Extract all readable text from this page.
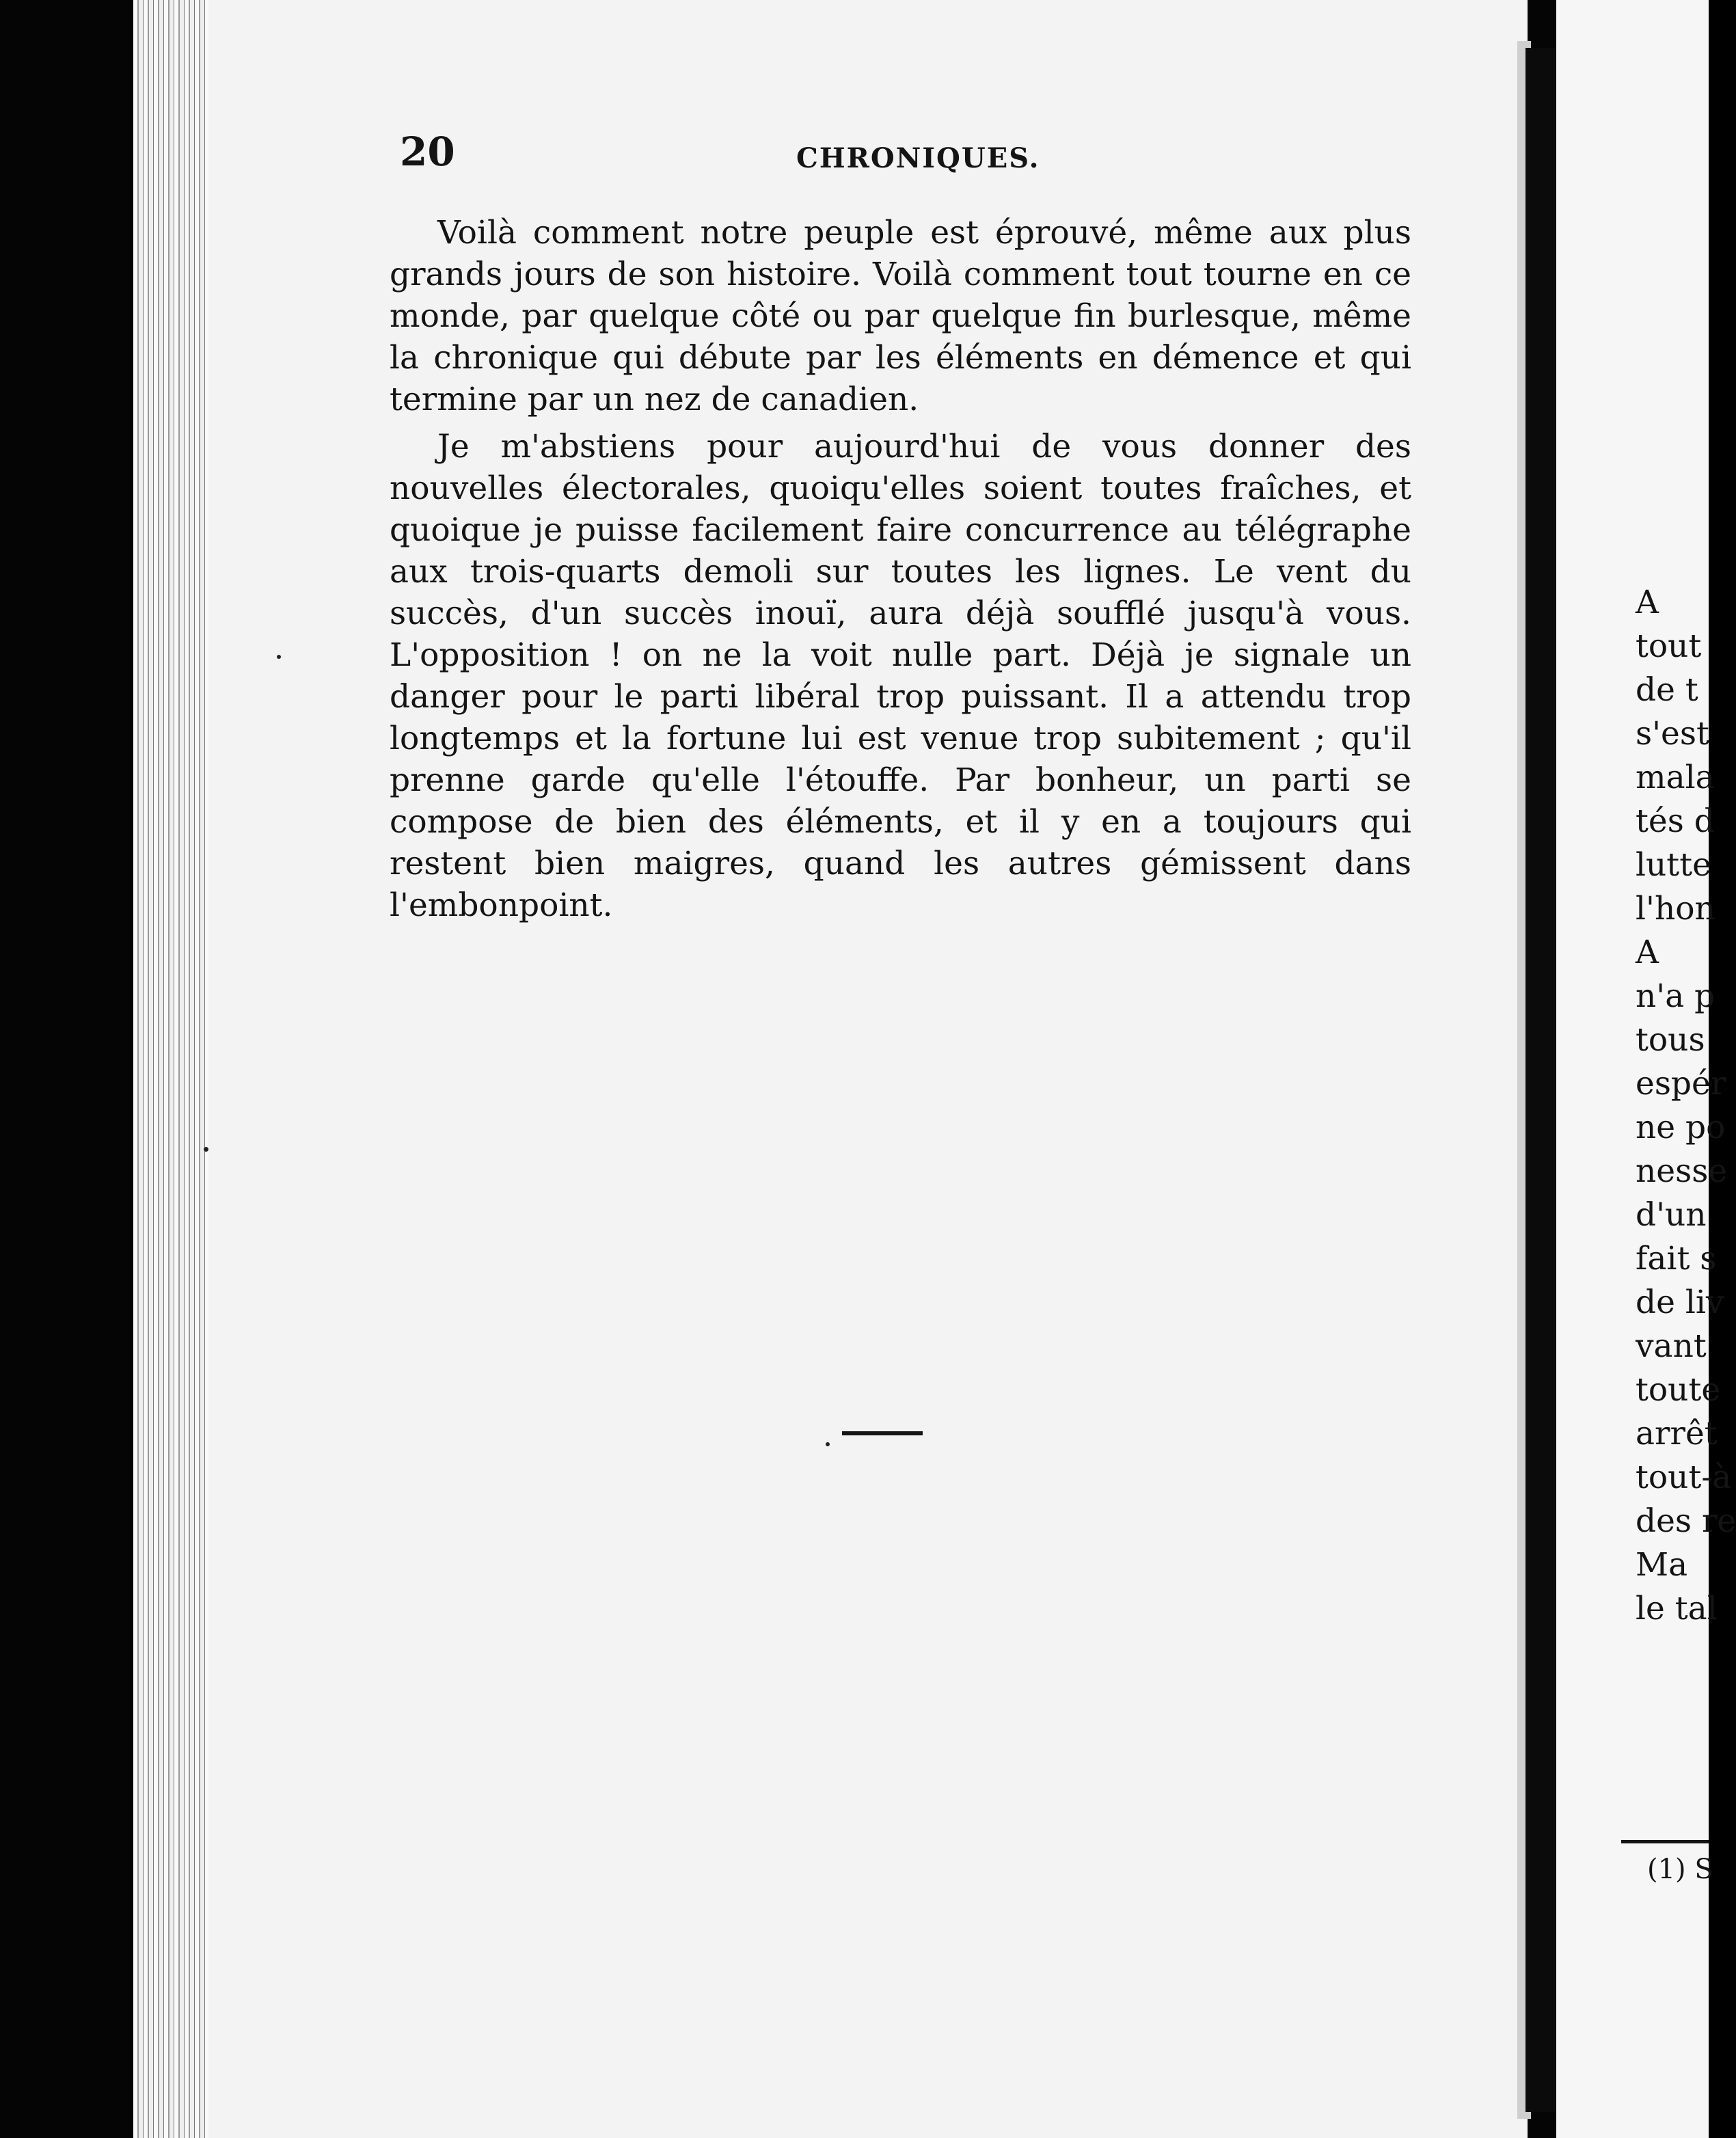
20	CHRONIQUES.

Voilà comment notre peuple est éprouvé, même aux plus grands jours de son histoire. Voilà comment tout tourne en ce monde, par quelque côté ou par quelque fin burlesque, même la chronique qui débute par les éléments en démence et qui termine par un nez de canadien.

Je m'abstiens pour aujourd'hui de vous donner des nouvelles électorales, quoiqu'elles soient toutes fraîches, et quoique je puisse facilement faire concurrence au télégraphe aux trois-quarts demoli sur toutes les lignes. Le vent du succès, d'un succès inouï, aura déjà soufflé jusqu'à vous. L'opposition ! on ne la voit nulle part. Déjà je signale un danger pour le parti libéral trop puissant. Il a attendu trop longtemps et la fortune lui est venue trop subitement ; qu'il prenne garde qu'elle l'étouffe. Par bonheur, un parti se compose de bien des éléments, et il y en a toujours qui restent bien maigres, quand les autres gémissent dans l'embonpoint.

A
tout
de t
s'est
mala
tés d
lutte
l'hon
A
n'a p
tous
espér
ne po
nesse
d'un
fait s
de liv
vant
toute
arrêt
tout-à
des re
Ma
le tal
(1) S
